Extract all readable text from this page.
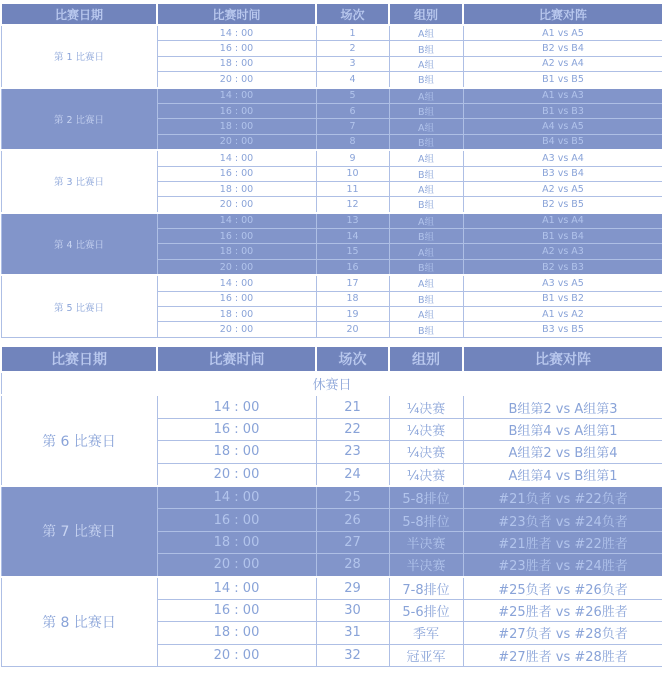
比赛日期	比赛时间	场次	组别	比赛对阵
第 1 比赛日	14 : 00	1	A组	A1 vs A5
	16 : 00	2	B组	B2 vs B4
	18 : 00	3	A组	A2 vs A4
	20 : 00	4	B组	B1 vs B5
第 2 比赛日	14 : 00	5	A组	A1 vs A3
	16 : 00	6	B组	B1 vs B3
	18 : 00	7	A组	A4 vs A5
	20 : 00	8	B组	B4 vs B5
第 3 比赛日	14 : 00	9	A组	A3 vs A4
	16 : 00	10	B组	B3 vs B4
	18 : 00	11	A组	A2 vs A5
	20 : 00	12	B组	B2 vs B5
第 4 比赛日	14 : 00	13	A组	A1 vs A4
	16 : 00	14	B组	B1 vs B4
	18 : 00	15	A组	A2 vs A3
	20 : 00	16	B组	B2 vs B3
第 5 比赛日	14 : 00	17	A组	A3 vs A5
	16 : 00	18	B组	B1 vs B2
	18 : 00	19	A组	A1 vs A2
	20 : 00	20	B组	B3 vs B5
比赛日期	比赛时间	场次	组别	比赛对阵
休赛日				
第 6 比赛日	14 : 00	21	¼决赛	B组第2 vs A组第3
	16 : 00	22	¼决赛	B组第4 vs A组第1
	18 : 00	23	¼决赛	A组第2 vs B组第4
	20 : 00	24	¼决赛	A组第4 vs B组第1
第 7 比赛日	14 : 00	25	5-8排位	#21负者 vs #22负者
	16 : 00	26	5-8排位	#23负者 vs #24负者
	18 : 00	27	半决赛	#21胜者 vs #22胜者
	20 : 00	28	半决赛	#23胜者 vs #24胜者
第 8 比赛日	14 : 00	29	7-8排位	#25负者 vs #26负者
	16 : 00	30	5-6排位	#25胜者 vs #26胜者
	18 : 00	31	季军	#27负者 vs #28负者
	20 : 00	32	冠亚军	#27胜者 vs #28胜者
